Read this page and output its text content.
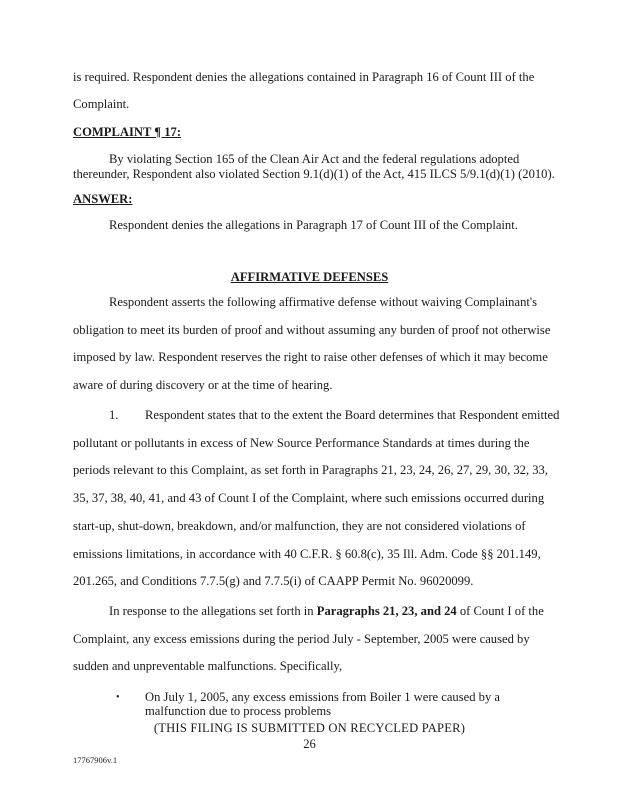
is required. Respondent denies the allegations contained in Paragraph 16 of Count III of the
Complaint.
COMPLAINT ¶ 17:
By violating Section 165 of the Clean Air Act and the federal regulations adopted
thereunder, Respondent also violated Section 9.1(d)(1) of the Act, 415 ILCS 5/9.1(d)(1) (2010).
ANSWER:
Respondent denies the allegations in Paragraph 17 of Count III of the Complaint.
AFFIRMATIVE DEFENSES
Respondent asserts the following affirmative defense without waiving Complainant's
obligation to meet its burden of proof and without assuming any burden of proof not otherwise
imposed by law. Respondent reserves the right to raise other defenses of which it may become
aware of during discovery or at the time of hearing.
1. Respondent states that to the extent the Board determines that Respondent emitted
pollutant or pollutants in excess of New Source Performance Standards at times during the
periods relevant to this Complaint, as set forth in Paragraphs 21, 23, 24, 26, 27, 29, 30, 32, 33,
35, 37, 38, 40, 41, and 43 of Count I of the Complaint, where such emissions occurred during
start-up, shut-down, breakdown, and/or malfunction, they are not considered violations of
emissions limitations, in accordance with 40 C.F.R. § 60.8(c), 35 Ill. Adm. Code §§ 201.149,
201.265, and Conditions 7.7.5(g) and 7.7.5(i) of CAAPP Permit No. 96020099.
In response to the allegations set forth in Paragraphs 21, 23, and 24 of Count I of the
Complaint, any excess emissions during the period July - September, 2005 were caused by
sudden and unpreventable malfunctions. Specifically,
• On July 1, 2005, any excess emissions from Boiler 1 were caused by a
malfunction due to process problems
(THIS FILING IS SUBMITTED ON RECYCLED PAPER)
26
17767906v.1
